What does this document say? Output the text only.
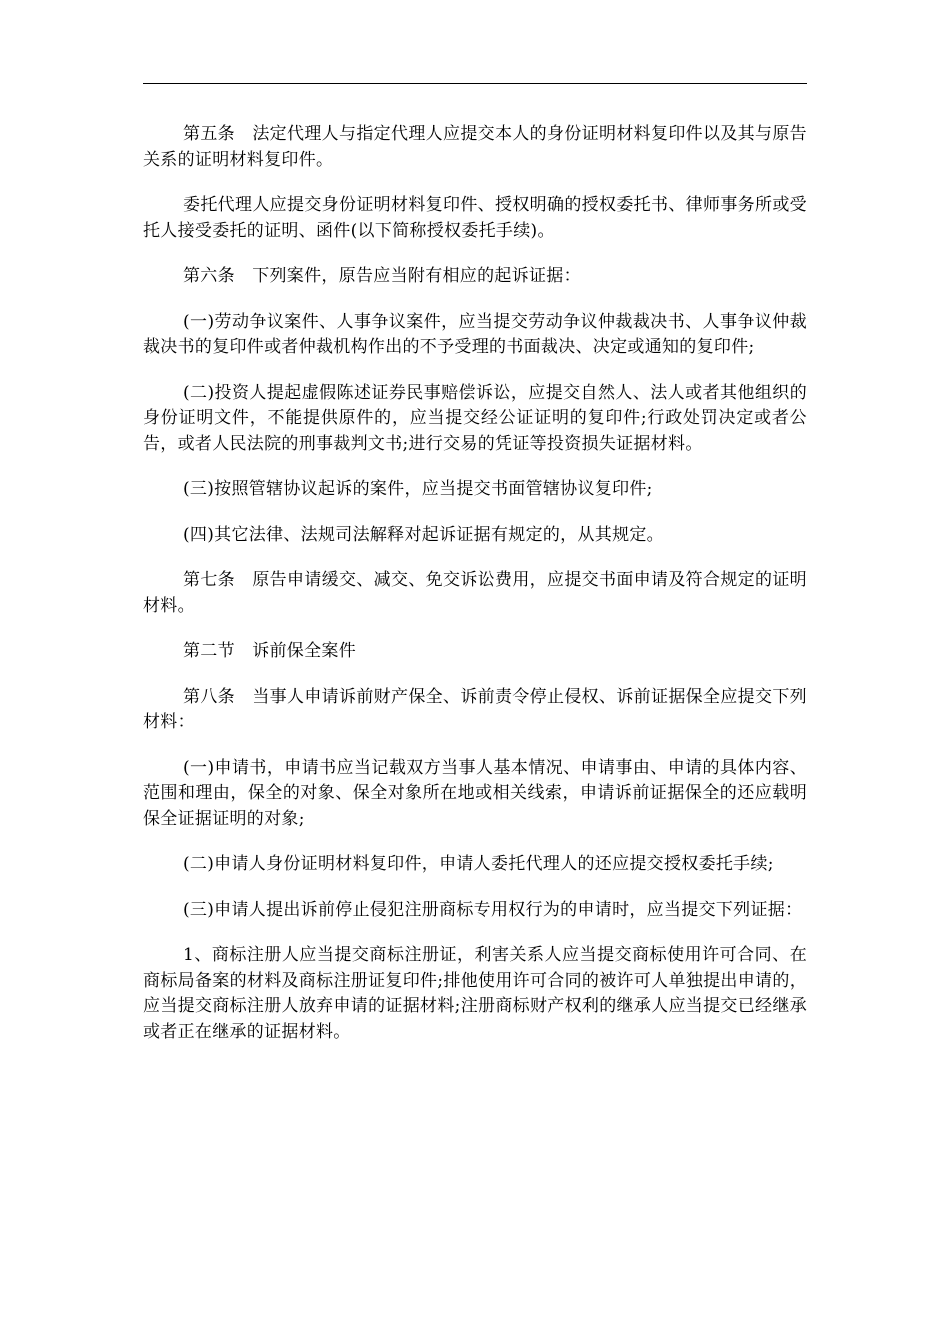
第五条　法定代理人与指定代理人应提交本人的身份证明材料复印件以及其与原告关系的证明材料复印件。

委托代理人应提交身份证明材料复印件、授权明确的授权委托书、律师事务所或受托人接受委托的证明、函件(以下简称授权委托手续)。

第六条　下列案件，原告应当附有相应的起诉证据：

(一)劳动争议案件、人事争议案件，应当提交劳动争议仲裁裁决书、人事争议仲裁裁决书的复印件或者仲裁机构作出的不予受理的书面裁决、决定或通知的复印件;

(二)投资人提起虚假陈述证券民事赔偿诉讼，应提交自然人、法人或者其他组织的身份证明文件，不能提供原件的，应当提交经公证证明的复印件;行政处罚决定或者公告，或者人民法院的刑事裁判文书;进行交易的凭证等投资损失证据材料。

(三)按照管辖协议起诉的案件，应当提交书面管辖协议复印件;

(四)其它法律、法规司法解释对起诉证据有规定的，从其规定。

第七条　原告申请缓交、减交、免交诉讼费用，应提交书面申请及符合规定的证明材料。

第二节　诉前保全案件

第八条　当事人申请诉前财产保全、诉前责令停止侵权、诉前证据保全应提交下列材料：

(一)申请书，申请书应当记载双方当事人基本情况、申请事由、申请的具体内容、范围和理由，保全的对象、保全对象所在地或相关线索，申请诉前证据保全的还应载明保全证据证明的对象;

(二)申请人身份证明材料复印件，申请人委托代理人的还应提交授权委托手续;

(三)申请人提出诉前停止侵犯注册商标专用权行为的申请时，应当提交下列证据：

1、商标注册人应当提交商标注册证，利害关系人应当提交商标使用许可合同、在商标局备案的材料及商标注册证复印件;排他使用许可合同的被许可人单独提出申请的，应当提交商标注册人放弃申请的证据材料;注册商标财产权利的继承人应当提交已经继承或者正在继承的证据材料。
